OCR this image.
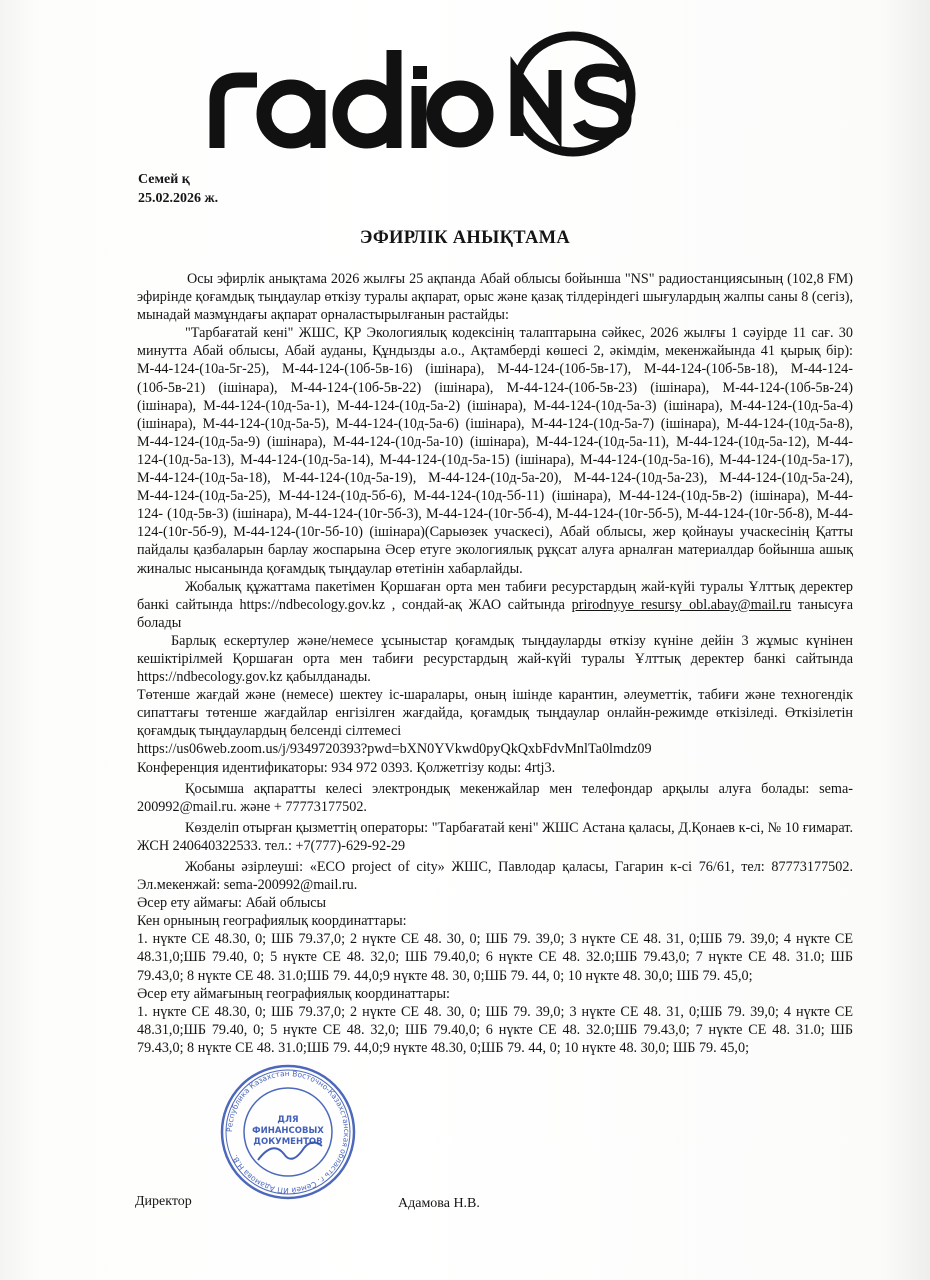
Семей қ
25.02.2026 ж.
ЭФИРЛІК АНЫҚТАМА

Осы эфирлік анықтама 2026 жылғы 25 ақпанда Абай облысы бойынша "NS" радиостанциясының (102,8 FM) эфирінде қоғамдық тыңдаулар өткізу туралы ақпарат, орыс және қазақ тілдеріндегі шығулардың жалпы саны 8 (сегіз), мынадай мазмұндағы ақпарат орналастырылғанын растайды:

"Тарбағатай кені" ЖШС, ҚР Экологиялық кодексінің талаптарына сәйкес, 2026 жылғы 1 сәуірде 11 сағ. 30 минутта Абай облысы, Абай ауданы, Құндызды а.о., Ақтамберді көшесі 2, әкімдім, мекенжайында 41 қырық бір): М-44-124-(10а-5г-25), М-44-124-(10б-5в-16) (ішінара), М-44-124-(10б-5в-17), М-44-124-(10б-5в-18), М-44-124- (10б-5в-21) (ішінара), М-44-124-(10б-5в-22) (ішінара), М-44-124-(10б-5в-23) (ішінара), М-44-124-(10б-5в-24) (ішінара), М-44-124-(10д-5а-1), М-44-124-(10д-5а-2) (ішінара), М-44-124-(10д-5а-3) (ішінара), М-44-124-(10д-5а-4) (ішінара), М-44-124-(10д-5а-5), М-44-124-(10д-5а-6) (ішінара), М-44-124-(10д-5а-7) (ішінара), М-44-124-(10д-5а-8), М-44-124-(10д-5а-9) (ішінара), М-44-124-(10д-5а-10) (ішінара), М-44-124-(10д-5а-11), М-44-124-(10д-5а-12), М-44-124-(10д-5а-13), М-44-124-(10д-5а-14), М-44-124-(10д-5а-15) (ішінара), М-44-124-(10д-5а-16), М-44-124-(10д-5а-17), М-44-124-(10д-5а-18), М-44-124-(10д-5а-19), М-44-124-(10д-5а-20), М-44-124-(10д-5а-23), М-44-124-(10д-5а-24), М-44-124-(10д-5а-25), М-44-124-(10д-5б-6), М-44-124-(10д-5б-11) (ішінара), М-44-124-(10д-5в-2) (ішінара), М-44-124- (10д-5в-3) (ішінара), М-44-124-(10г-5б-3), М-44-124-(10г-5б-4), М-44-124-(10г-5б-5), М-44-124-(10г-5б-8), М-44-124-(10г-5б-9), М-44-124-(10г-5б-10) (ішінара)(Сарыөзек учаскесі), Абай облысы, жер қойнауы учаскесінің Қатты пайдалы қазбаларын барлау жоспарына Әсер етуге экологиялық рұқсат алуға арналған материалдар бойынша ашық жиналыс нысанында қоғамдық тыңдаулар өтетінін хабарлайды.

Жобалық құжаттама пакетімен Қоршаған орта мен табиғи ресурстардың жай-күйі туралы Ұлттық деректер банкі сайтында https://ndbecology.gov.kz , сондай-ақ ЖАО сайтында prirodnyye_resursy_obl.abay@mail.ru танысуға болады

Барлық ескертулер және/немесе ұсыныстар қоғамдық тыңдауларды өткізу күніне дейін 3 жұмыс күнінен кешіктірілмей Қоршаған орта мен табиғи ресурстардың жай-күйі туралы Ұлттық деректер банкі сайтында https://ndbecology.gov.kz қабылданады.

Төтенше жағдай және (немесе) шектеу іс-шаралары, оның ішінде карантин, әлеуметтік, табиғи және техногендік сипаттағы төтенше жағдайлар енгізілген жағдайда, қоғамдық тыңдаулар онлайн-режимде өткізіледі. Өткізілетін қоғамдық тыңдаулардың белсенді сілтемесі

https://us06web.zoom.us/j/9349720393?pwd=bXN0YVkwd0pyQkQxbFdvMnlTa0lmdz09

Конференция идентификаторы: 934 972 0393. Қолжетгізу коды: 4rtj3.

Қосымша ақпаратты келесі электрондық мекенжайлар мен телефондар арқылы алуға болады: sema-200992@mail.ru. және + 77773177502.

Көзделіп отырған қызметтің операторы: "Тарбағатай кені" ЖШС Астана қаласы, Д.Қонаев к-сі, № 10 ғимарат. ЖСН 240640322533. тел.: +7(777)-629-92-29

Жобаны әзірлеуші: «ECO project of city» ЖШС, Павлодар қаласы, Гагарин к-сі 76/61, тел: 87773177502. Эл.мекенжай: sema-200992@mail.ru.

Әсер ету аймағы: Абай облысы

Кен орнының географиялық координаттары:

1. нүкте СЕ 48.30, 0; ШБ 79.37,0; 2 нүкте СЕ 48. 30, 0; ШБ 79. 39,0; 3 нүкте СЕ 48. 31, 0;ШБ 79. 39,0; 4 нүкте СЕ 48.31,0;ШБ 79.40, 0; 5 нүкте СЕ 48. 32,0; ШБ 79.40,0; 6 нүкте СЕ 48. 32.0;ШБ 79.43,0; 7 нүкте СЕ 48. 31.0; ШБ 79.43,0; 8 нүкте СЕ 48. 31.0;ШБ 79. 44,0;9 нүкте 48. 30, 0;ШБ 79. 44, 0; 10 нүкте 48. 30,0; ШБ 79. 45,0;

Әсер ету аймағының географиялық координаттары:

1. нүкте СЕ 48.30, 0; ШБ 79.37,0; 2 нүкте СЕ 48. 30, 0; ШБ 79. 39,0; 3 нүкте СЕ 48. 31, 0;ШБ 79. 39,0; 4 нүкте СЕ 48.31,0;ШБ 79.40, 0; 5 нүкте СЕ 48. 32,0; ШБ 79.40,0; 6 нүкте СЕ 48. 32.0;ШБ 79.43,0; 7 нүкте СЕ 48. 31.0; ШБ 79.43,0; 8 нүкте СЕ 48. 31.0;ШБ 79. 44,0;9 нүкте 48.30, 0;ШБ 79. 44, 0; 10 нүкте 48. 30,0; ШБ 79. 45,0;

Республика Казахстан Восточно-Казахстанская область г. Семей ИП Адамова Н.В.
ДЛЯ
ФИНАНСОВЫХ
ДОКУМЕНТОВ
Директор	Адамова Н.В.
